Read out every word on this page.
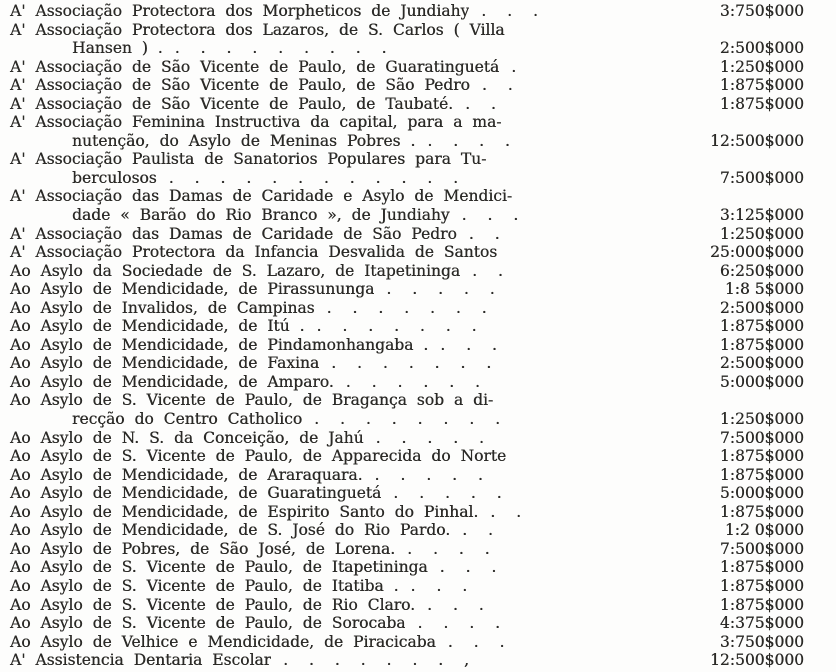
A' Associação Protectora dos Morpheticos de Jundiahy . . .	3:750$000
A' Associação Protectora dos Lazaros, de S. Carlos ( Villa
Hansen ) . . . . . . . . . .	2:500$000
A' Associação de São Vicente de Paulo, de Guaratinguetá .	1:250$000
A' Associação de São Vicente de Paulo, de São Pedro . .	1:875$000
A' Associação de São Vicente de Paulo, de Taubaté. . .	1:875$000
A' Associação Feminina Instructiva da capital, para a ma-
nutenção, do Asylo de Meninas Pobres . . . . .	12:500$000
A' Associação Paulista de Sanatorios Populares para Tu-
berculosos . . . . . . . . . . . .	7:500$000
A' Associação das Damas de Caridade e Asylo de Mendici-
dade « Barão do Rio Branco », de Jundiahy . . .	3:125$000
A' Associação das Damas de Caridade de São Pedro . .	1:250$000
A' Associação Protectora da Infancia Desvalida de Santos	25:000$000
Ao Asylo da Sociedade de S. Lazaro, de Itapetininga . .	6:250$000
Ao Asylo de Mendicidade, de Pirassununga . . . . .	1:8 5$000
Ao Asylo de Invalidos, de Campinas . . . . . . .	2:500$000
Ao Asylo de Mendicidade, de Itú . . . . . . . .	1:875$000
Ao Asylo de Mendicidade, de Pindamonhangaba . . . .	1:875$000
Ao Asylo de Mendicidade, de Faxina . . . . . . .	2:500$000
Ao Asylo de Mendicidade, de Amparo. . . . . . .	5:000$000
Ao Asylo de S. Vicente de Paulo, de Bragança sob a di-
recção do Centro Catholico . . . . . . . .	1:250$000
Ao Asylo de N. S. da Conceição, de Jahú . . . . .	7:500$000
Ao Asylo de S. Vicente de Paulo, de Apparecida do Norte	1:875$000
Ao Asylo de Mendicidade, de Araraquara. . . . . .	1:875$000
Ao Asylo de Mendicidade, de Guaratinguetá . . . . .	5:000$000
Ao Asylo de Mendicidade, de Espirito Santo do Pinhal. . .	1:875$000
Ao Asylo de Mendicidade, de S. José do Rio Pardo. . .	1:2 0$000
Ao Asylo de Pobres, de São José, de Lorena. . . . .	7:500$000
Ao Asylo de S. Vicente de Paulo, de Itapetininga . . .	1:875$000
Ao Asylo de S. Vicente de Paulo, de Itatiba . . . .	1:875$000
Ao Asylo de S. Vicente de Paulo, de Rio Claro. . . .	1:875$000
Ao Asylo de S. Vicente de Paulo, de Sorocaba . . . .	4:375$000
Ao Asylo de Velhice e Mendicidade, de Piracicaba . . .	3:750$000
A' Assistencia Dentaria Escolar . . . . . . . ,	12:500$000
